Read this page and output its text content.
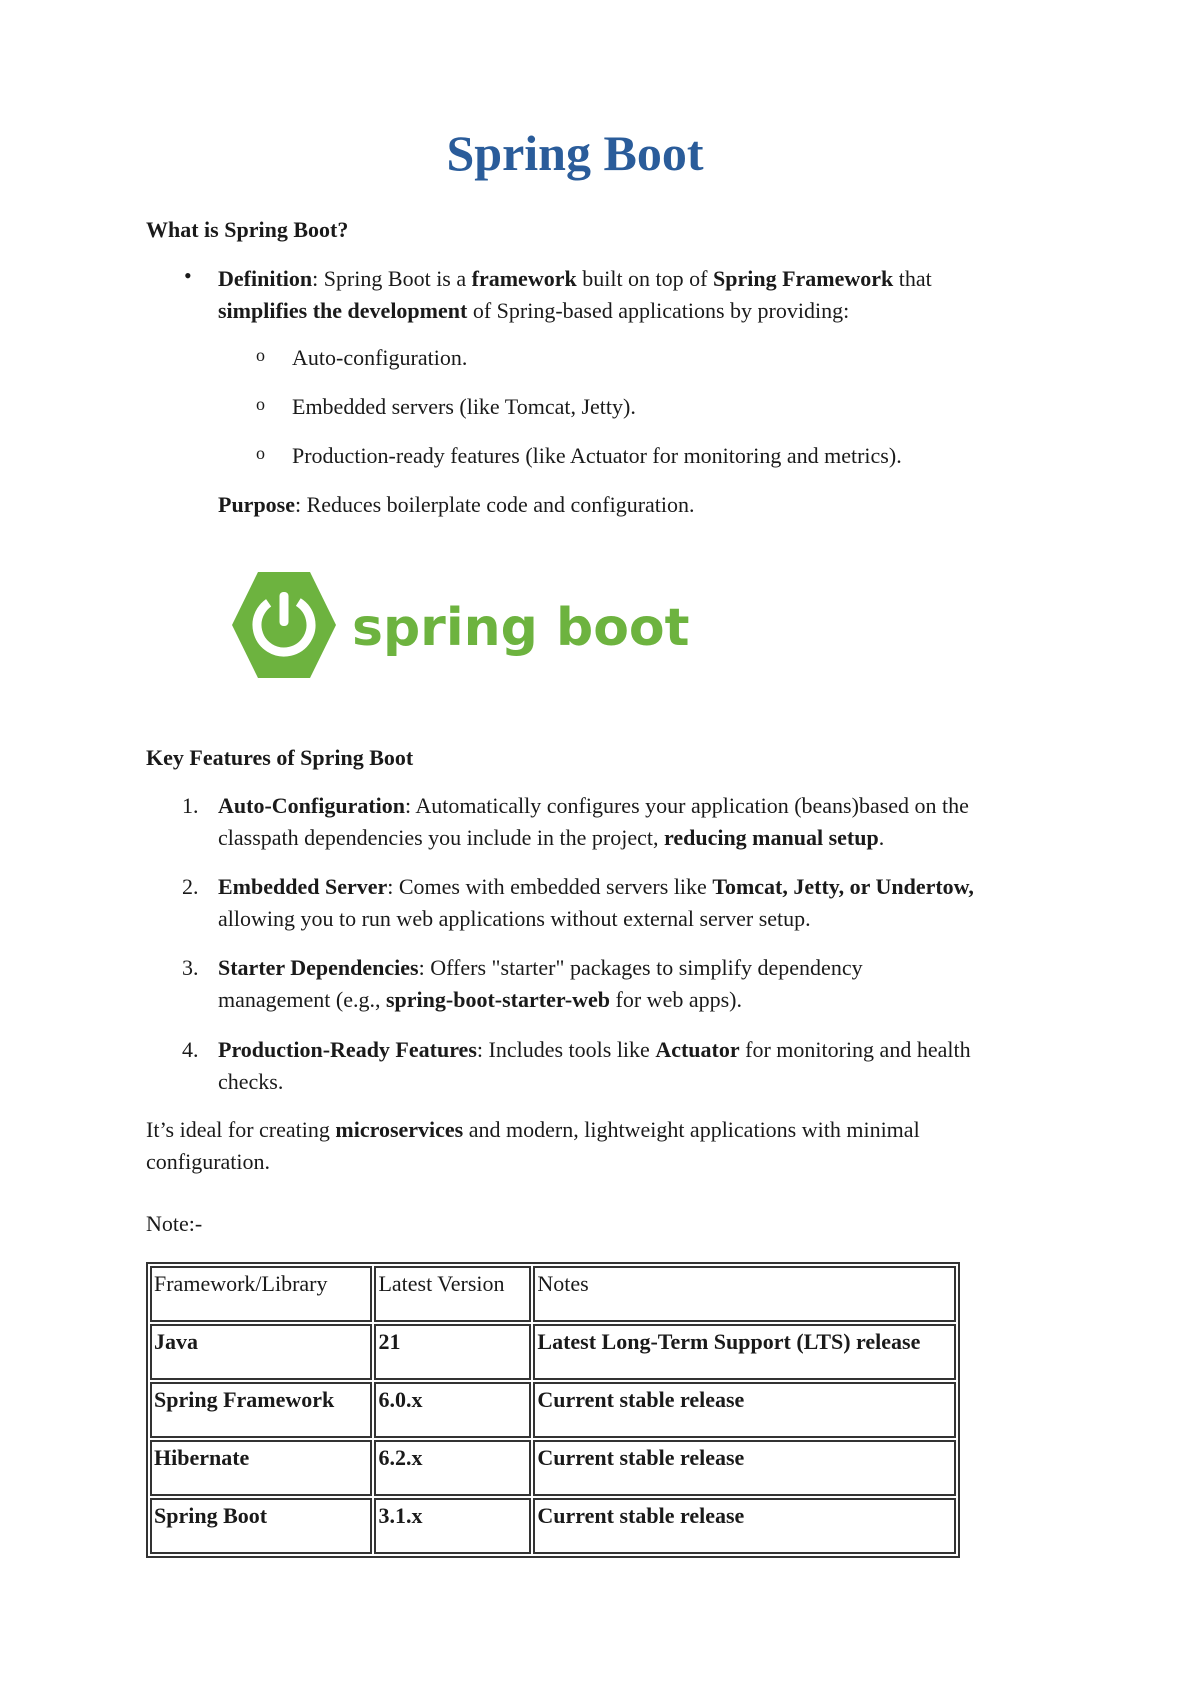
Spring Boot
What is Spring Boot?
• Definition: Spring Boot is a framework built on top of Spring Framework that
simplifies the development of Spring-based applications by providing:
o Auto-configuration.
o Embedded servers (like Tomcat, Jetty).
o Production-ready features (like Actuator for monitoring and metrics).
Purpose: Reduces boilerplate code and configuration.
spring boot
Key Features of Spring Boot
1. Auto-Configuration: Automatically configures your application (beans)based on the
classpath dependencies you include in the project, reducing manual setup.
2. Embedded Server: Comes with embedded servers like Tomcat, Jetty, or Undertow,
allowing you to run web applications without external server setup.
3. Starter Dependencies: Offers "starter" packages to simplify dependency
management (e.g., spring-boot-starter-web for web apps).
4. Production-Ready Features: Includes tools like Actuator for monitoring and health
checks.
It’s ideal for creating microservices and modern, lightweight applications with minimal
configuration.
Note:-
Framework/Library	Latest Version	Notes
Java	21	Latest Long-Term Support (LTS) release
Spring Framework	6.0.x	Current stable release
Hibernate	6.2.x	Current stable release
Spring Boot	3.1.x	Current stable release
